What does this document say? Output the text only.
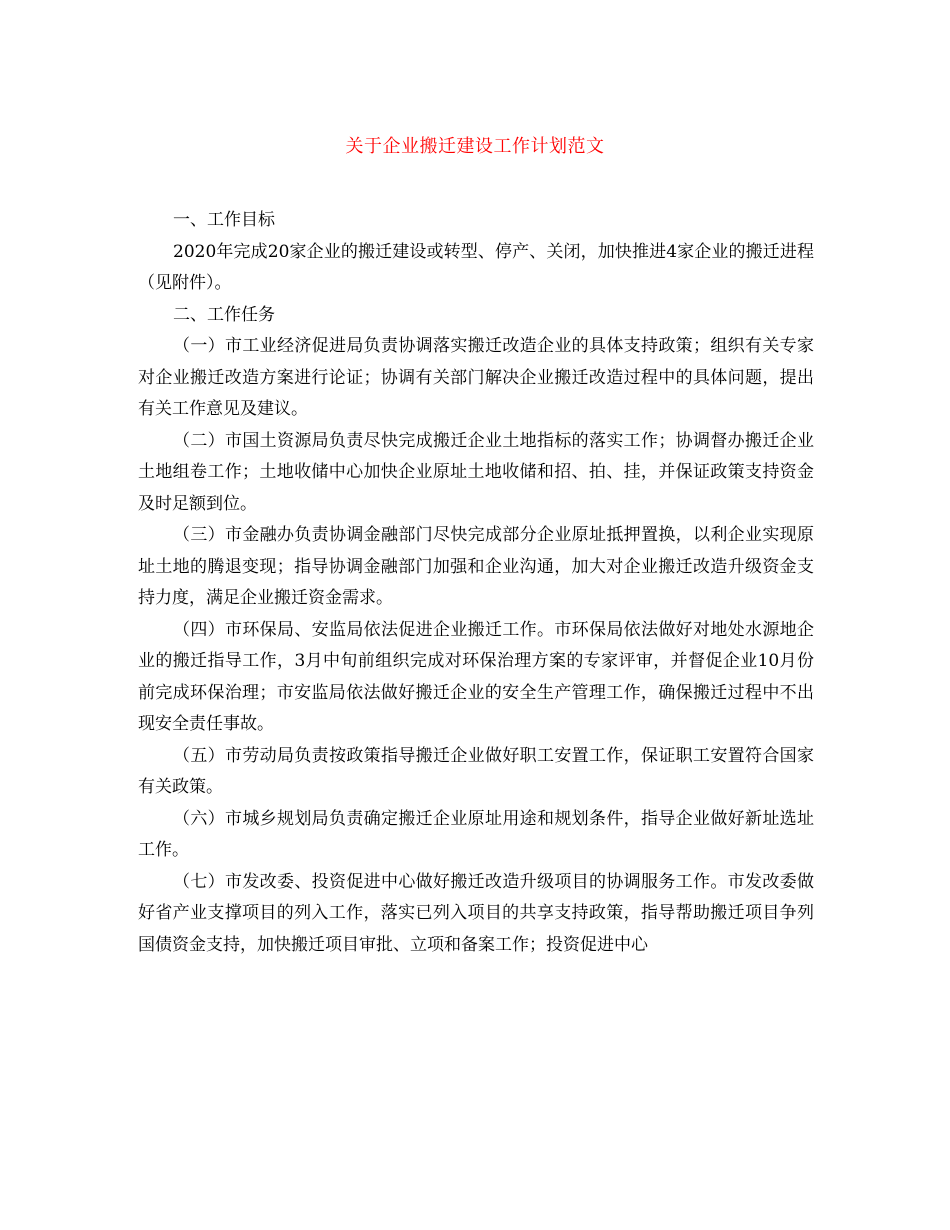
关于企业搬迁建设工作计划范文

一、工作目标

2020年完成20家企业的搬迁建设或转型、停产、关闭，加快推进4家企业的搬迁进程（见附件）。

二、工作任务

（一）市工业经济促进局负责协调落实搬迁改造企业的具体支持政策；组织有关专家对企业搬迁改造方案进行论证；协调有关部门解决企业搬迁改造过程中的具体问题，提出有关工作意见及建议。

（二）市国土资源局负责尽快完成搬迁企业土地指标的落实工作；协调督办搬迁企业土地组卷工作；土地收储中心加快企业原址土地收储和招、拍、挂，并保证政策支持资金及时足额到位。

（三）市金融办负责协调金融部门尽快完成部分企业原址抵押置换，以利企业实现原址土地的腾退变现；指导协调金融部门加强和企业沟通，加大对企业搬迁改造升级资金支持力度，满足企业搬迁资金需求。

（四）市环保局、安监局依法促进企业搬迁工作。市环保局依法做好对地处水源地企业的搬迁指导工作，3月中旬前组织完成对环保治理方案的专家评审，并督促企业10月份前完成环保治理；市安监局依法做好搬迁企业的安全生产管理工作，确保搬迁过程中不出现安全责任事故。

（五）市劳动局负责按政策指导搬迁企业做好职工安置工作，保证职工安置符合国家有关政策。

（六）市城乡规划局负责确定搬迁企业原址用途和规划条件，指导企业做好新址选址工作。

（七）市发改委、投资促进中心做好搬迁改造升级项目的协调服务工作。市发改委做好省产业支撑项目的列入工作，落实已列入项目的共享支持政策，指导帮助搬迁项目争列国债资金支持，加快搬迁项目审批、立项和备案工作；投资促进中心
